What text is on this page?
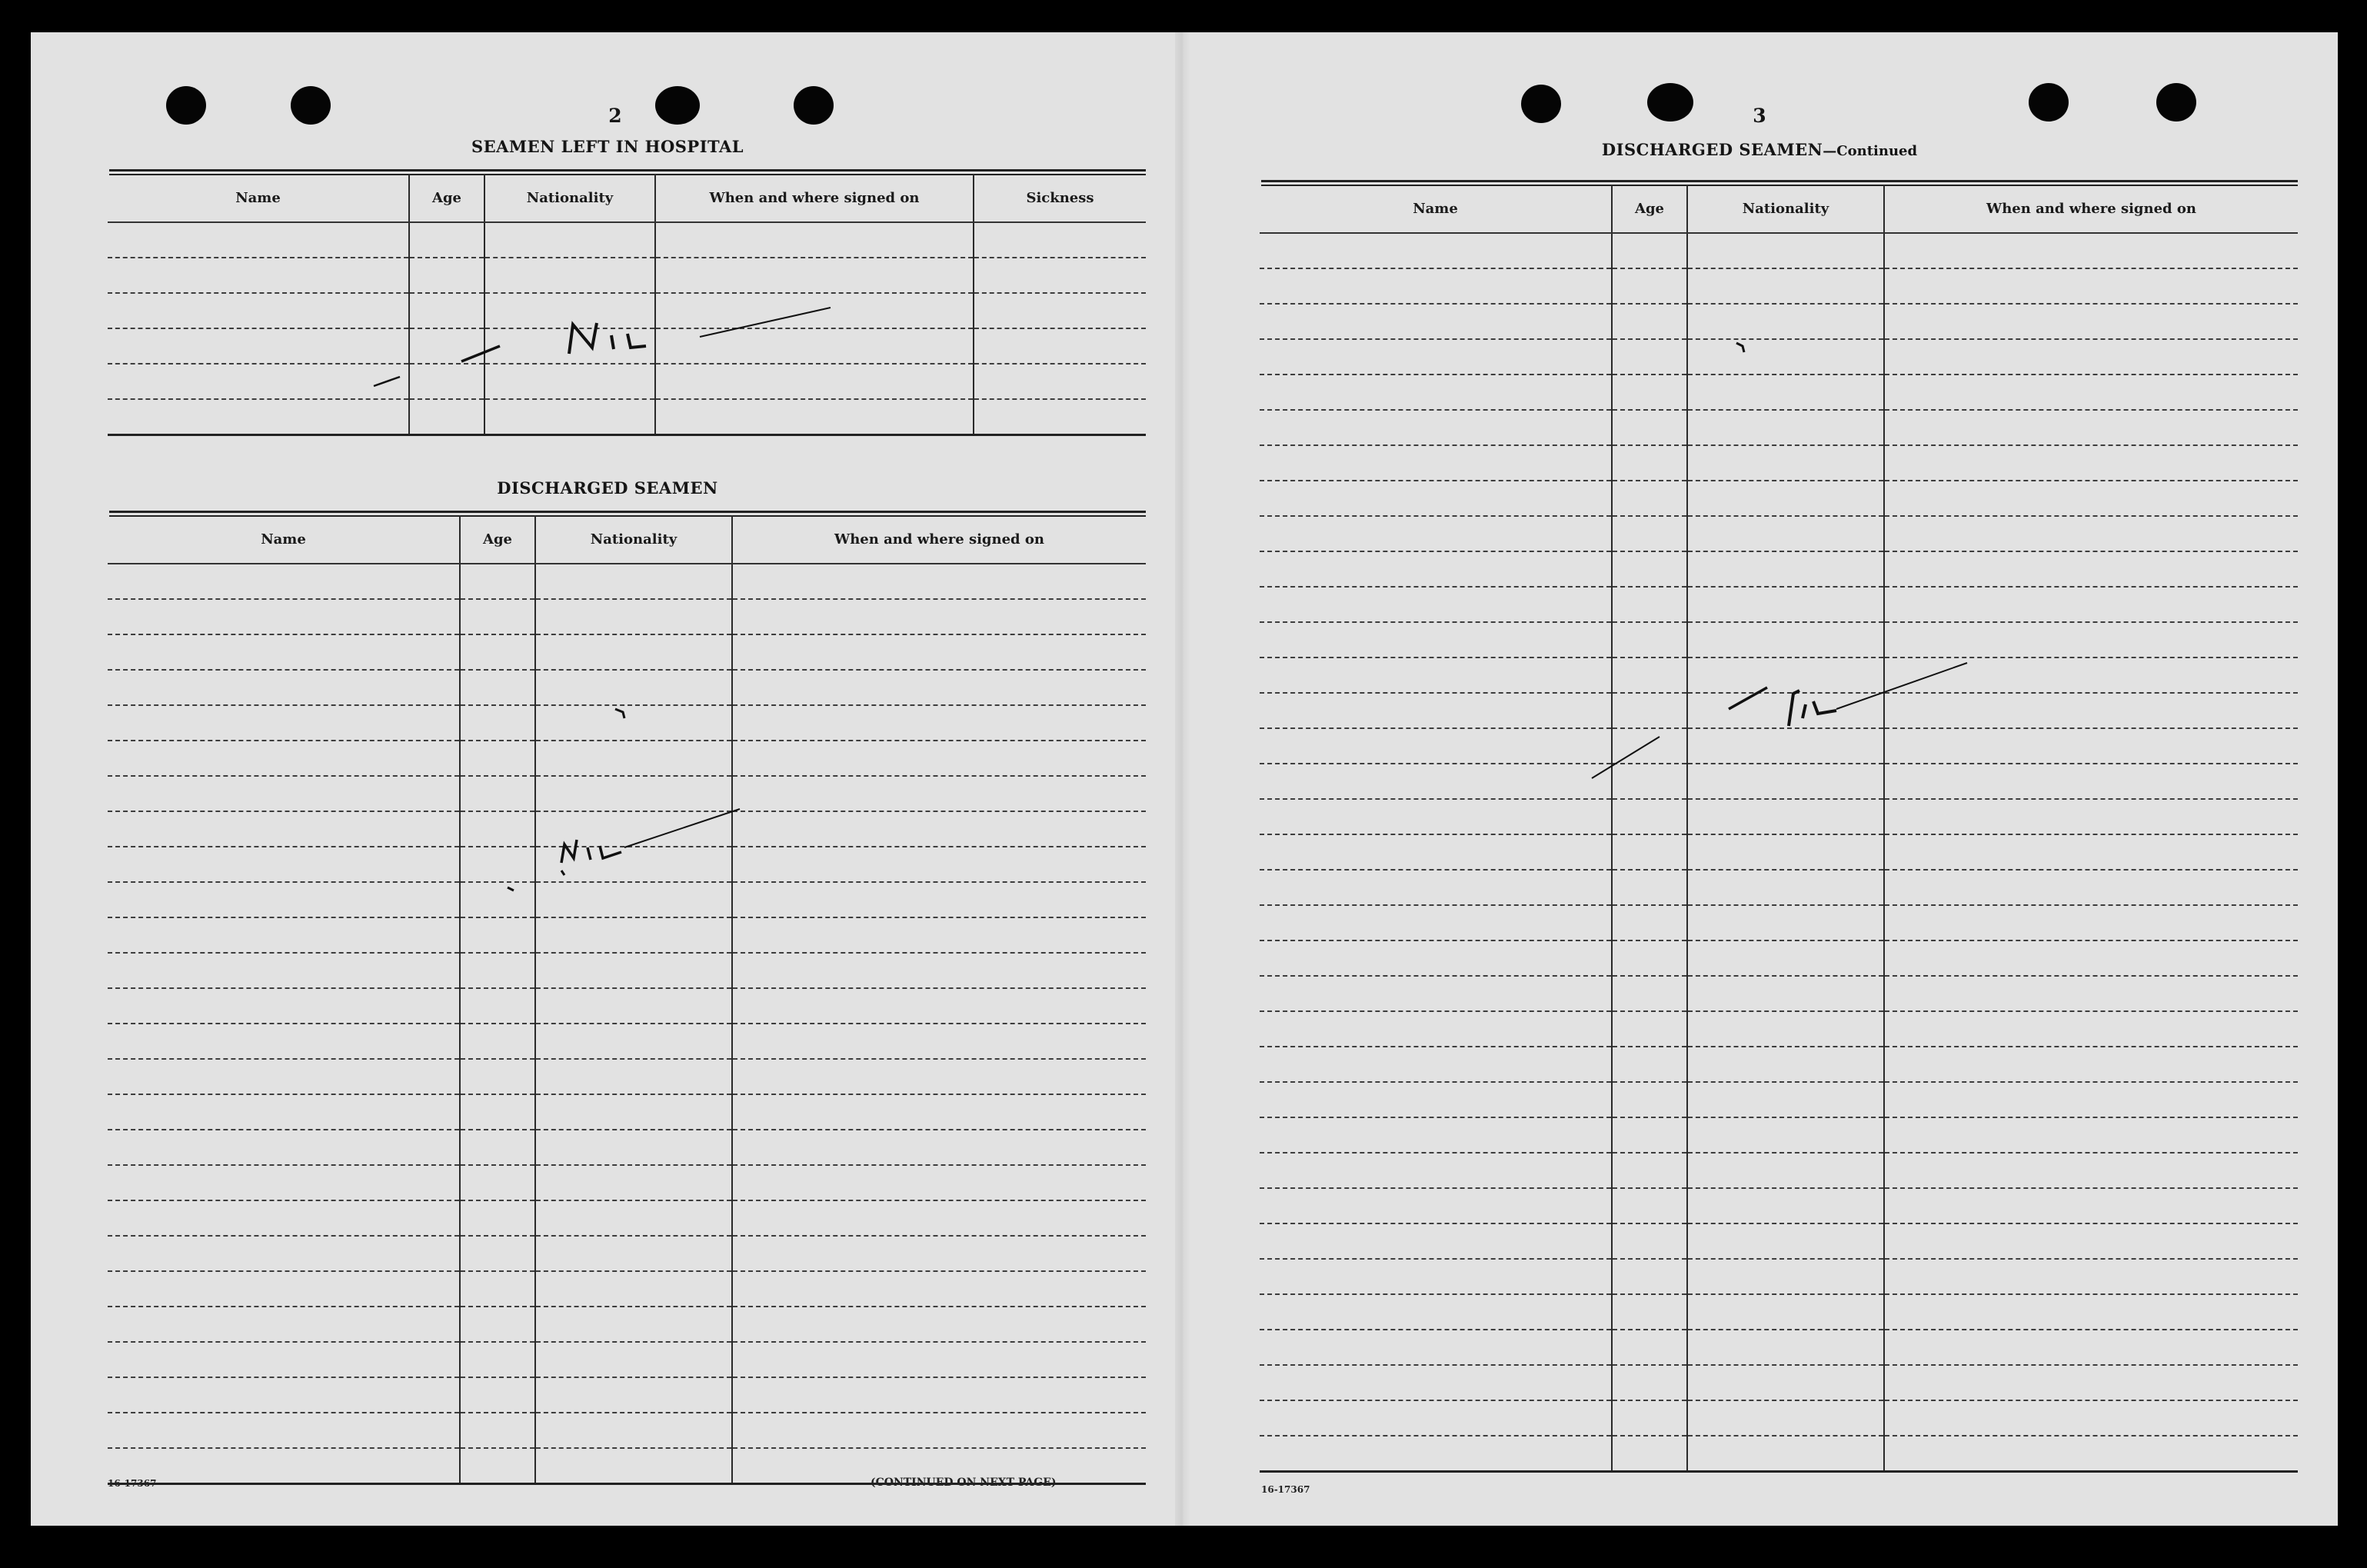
2
SEAMEN LEFT IN HOSPITAL
Name	Age	Nationality	When and where signed on	Sickness

DISCHARGED SEAMEN
Name	Age	Nationality	When and where signed on

16-17367	(CONTINUED ON NEXT PAGE)
3
DISCHARGED SEAMEN—Continued
Name	Age	Nationality	When and where signed on

16-17367
